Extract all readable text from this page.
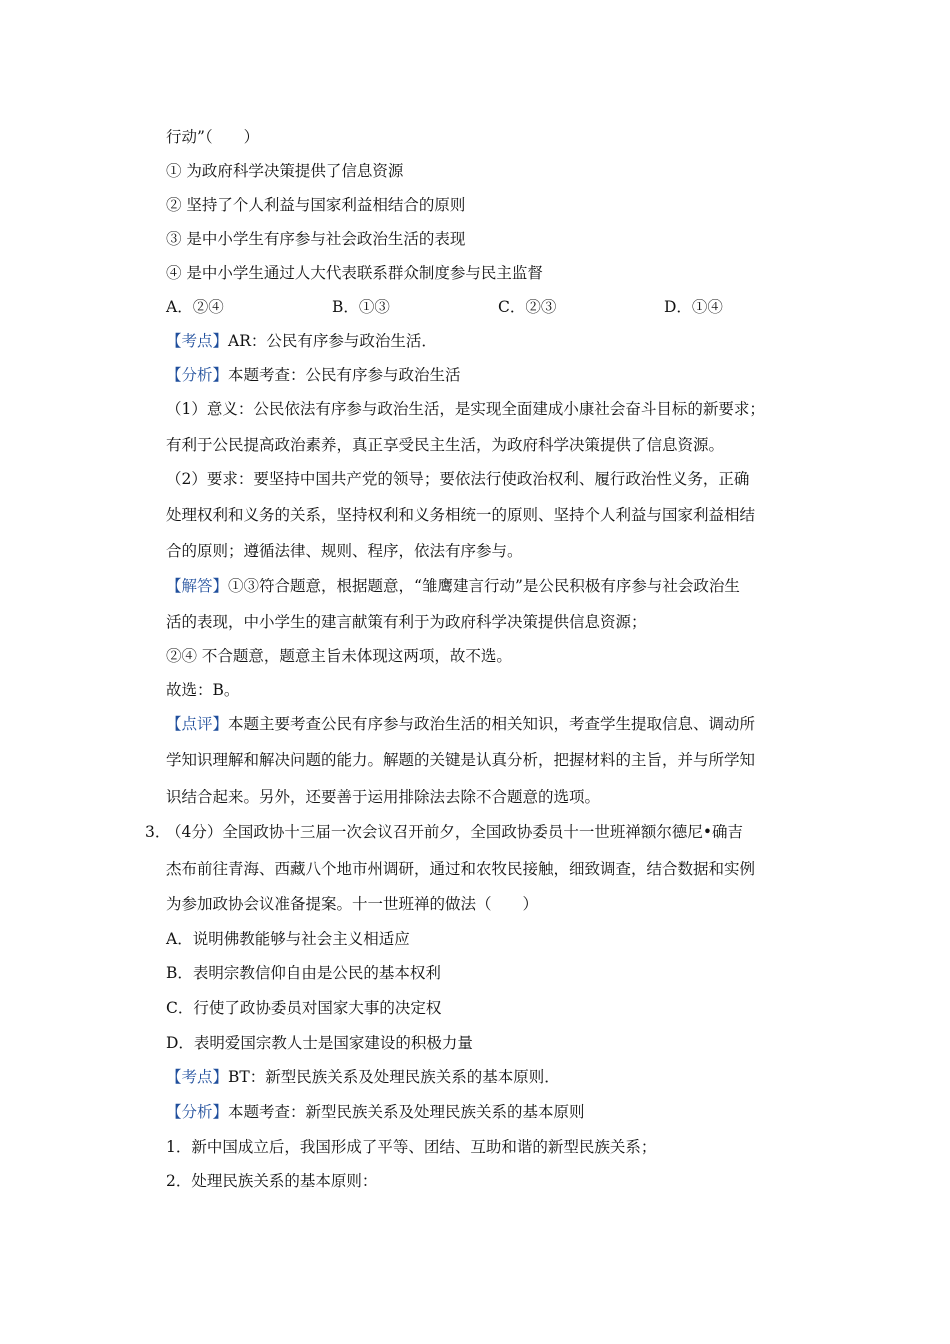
行动”（　　）
① 为政府科学决策提供了信息资源
② 坚持了个人利益与国家利益相结合的原则
③ 是中小学生有序参与社会政治生活的表现
④ 是中小学生通过人大代表联系群众制度参与民主监督
A．②④	B．①③	C．②③	D．①④
【考点】AR：公民有序参与政治生活．
【分析】本题考查：公民有序参与政治生活
（1）意义：公民依法有序参与政治生活，是实现全面建成小康社会奋斗目标的新要求；
有利于公民提高政治素养，真正享受民主生活，为政府科学决策提供了信息资源。
（2）要求：要坚持中国共产党的领导；要依法行使政治权利、履行政治性义务，正确
处理权利和义务的关系，坚持权利和义务相统一的原则、坚持个人利益与国家利益相结
合的原则；遵循法律、规则、程序，依法有序参与。
【解答】①③符合题意，根据题意，“雏鹰建言行动”是公民积极有序参与社会政治生
活的表现，中小学生的建言献策有利于为政府科学决策提供信息资源；
②④ 不合题意，题意主旨未体现这两项，故不选。
故选：B。
【点评】本题主要考查公民有序参与政治生活的相关知识，考查学生提取信息、调动所
学知识理解和解决问题的能力。解题的关键是认真分析，把握材料的主旨，并与所学知
识结合起来。另外，还要善于运用排除法去除不合题意的选项。
3．
（4分）全国政协十三届一次会议召开前夕，全国政协委员十一世班禅额尔德尼•确吉
杰布前往青海、西藏八个地市州调研，通过和农牧民接触，细致调查，结合数据和实例
为参加政协会议准备提案。十一世班禅的做法（　　）
A．说明佛教能够与社会主义相适应
B．表明宗教信仰自由是公民的基本权利
C．行使了政协委员对国家大事的决定权
D．表明爱国宗教人士是国家建设的积极力量
【考点】BT：新型民族关系及处理民族关系的基本原则．
【分析】本题考查：新型民族关系及处理民族关系的基本原则
1．新中国成立后，我国形成了平等、团结、互助和谐的新型民族关系；
2．处理民族关系的基本原则：
